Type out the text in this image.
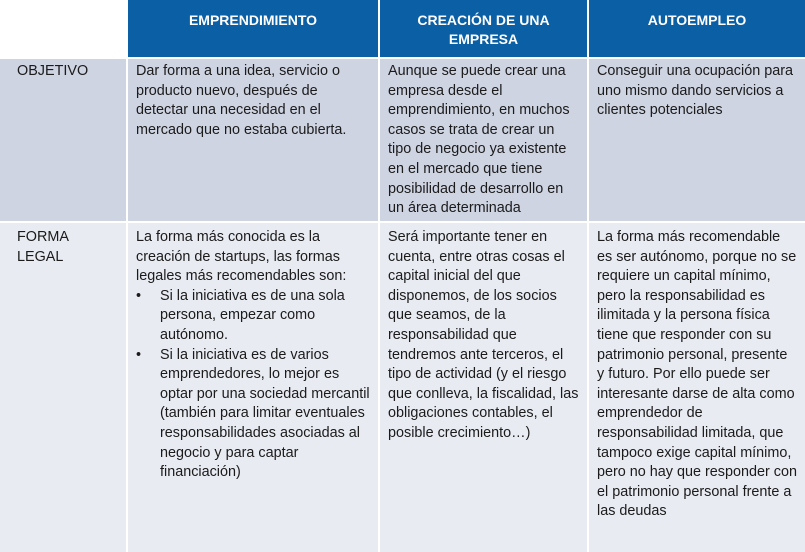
EMPRENDIMIENTO	CREACIÓN DE UNA EMPRESA
AUTOEMPLEO
OBJETIVO	Dar forma a una idea, servicio o producto nuevo, después de detectar una necesidad en el mercado que no estaba cubierta.
Aunque se puede crear una empresa desde el emprendimiento, en muchos casos se trata de crear un tipo de negocio ya existente en el mercado que tiene posibilidad de desarrollo en un área determinada
Conseguir una ocupación para uno mismo dando servicios a clientes potenciales
FORMA LEGAL

La forma más conocida es la creación de startups, las formas legales más recomendables son:

• Si la iniciativa es de una sola persona, empezar como autónomo.
• Si la iniciativa es de varios emprendedores, lo mejor es optar por una sociedad mercantil (también para limitar eventuales responsabilidades asociadas al negocio y para captar financiación)
Será importante tener en cuenta, entre otras cosas el capital inicial del que disponemos, de los socios que seamos, de la responsabilidad que tendremos ante terceros, el tipo de actividad (y el riesgo que conlleva, la fiscalidad, las obligaciones contables, el posible crecimiento…)
La forma más recomendable es ser autónomo, porque no se requiere un capital mínimo, pero la responsabilidad es ilimitada y la persona física tiene que responder con su patrimonio personal, presente y futuro. Por ello puede ser interesante darse de alta como emprendedor de responsabilidad limitada, que tampoco exige capital mínimo, pero no hay que responder con el patrimonio personal frente a las deudas
